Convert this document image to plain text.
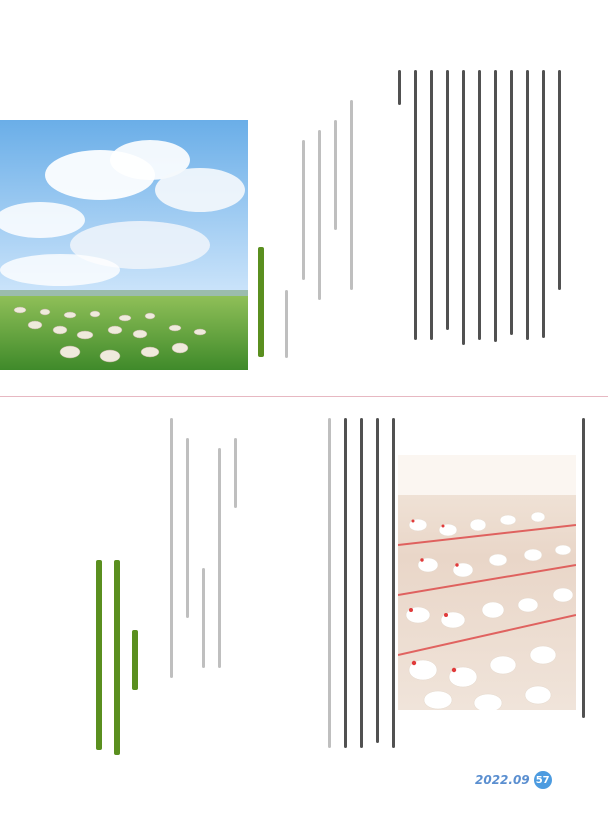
2022.09 57
